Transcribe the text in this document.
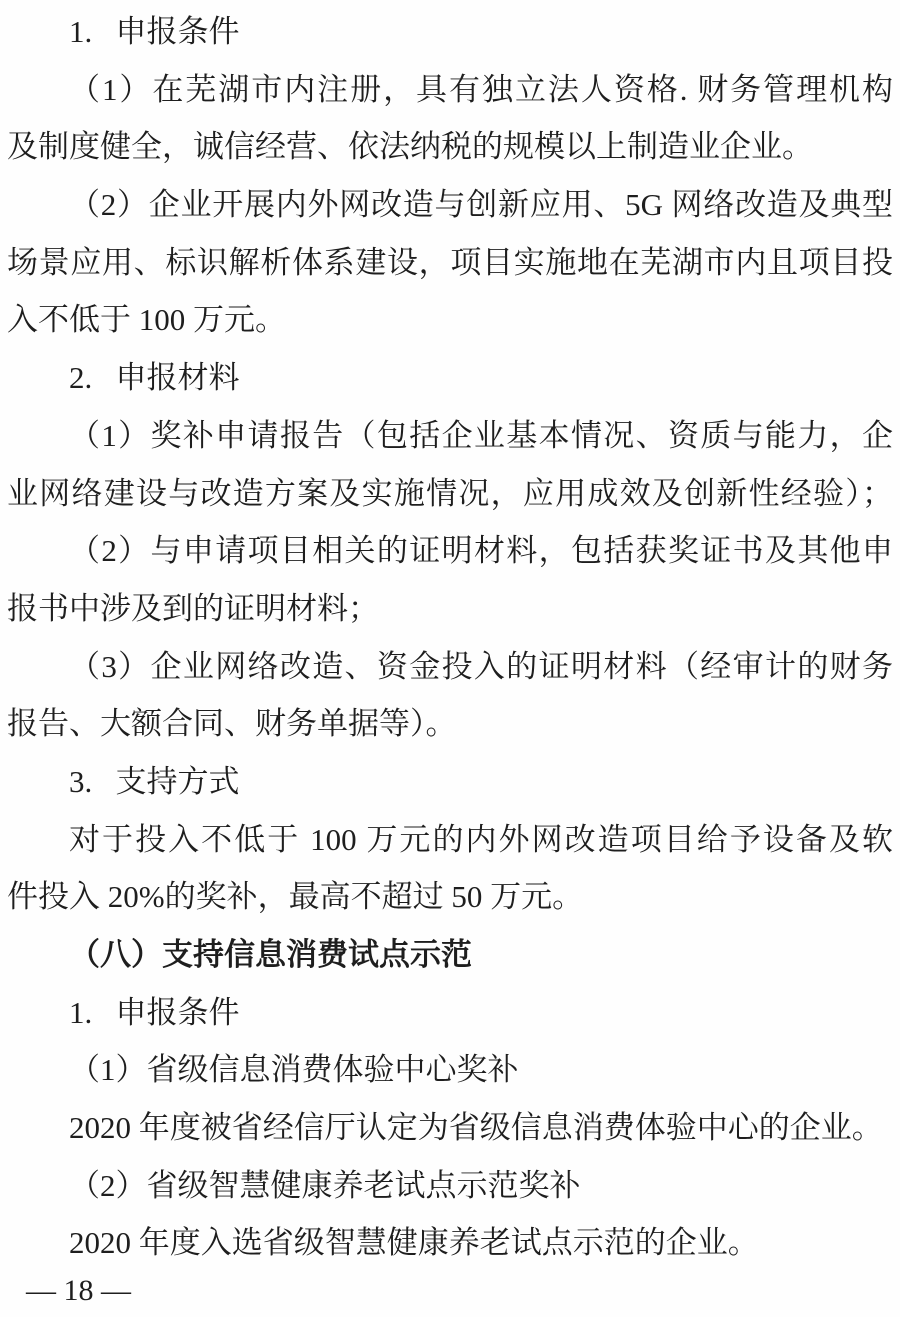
1.   申报条件
（1）在芜湖市内注册，具有独立法人资格. 财务管理机构
及制度健全，诚信经营、依法纳税的规模以上制造业企业。
（2）企业开展内外网改造与创新应用、5G 网络改造及典型
场景应用、标识解析体系建设，项目实施地在芜湖市内且项目投
入不低于 100 万元。
2.   申报材料
（1）奖补申请报告（包括企业基本情况、资质与能力，企
业网络建设与改造方案及实施情况，应用成效及创新性经验）；
（2）与申请项目相关的证明材料，包括获奖证书及其他申
报书中涉及到的证明材料；
（3）企业网络改造、资金投入的证明材料（经审计的财务
报告、大额合同、财务单据等）。
3.   支持方式
对于投入不低于 100 万元的内外网改造项目给予设备及软
件投入 20%的奖补，最高不超过 50 万元。
（八）支持信息消费试点示范
1.   申报条件
（1）省级信息消费体验中心奖补
2020 年度被省经信厅认定为省级信息消费体验中心的企业。
（2）省级智慧健康养老试点示范奖补
2020 年度入选省级智慧健康养老试点示范的企业。
— 18 —
